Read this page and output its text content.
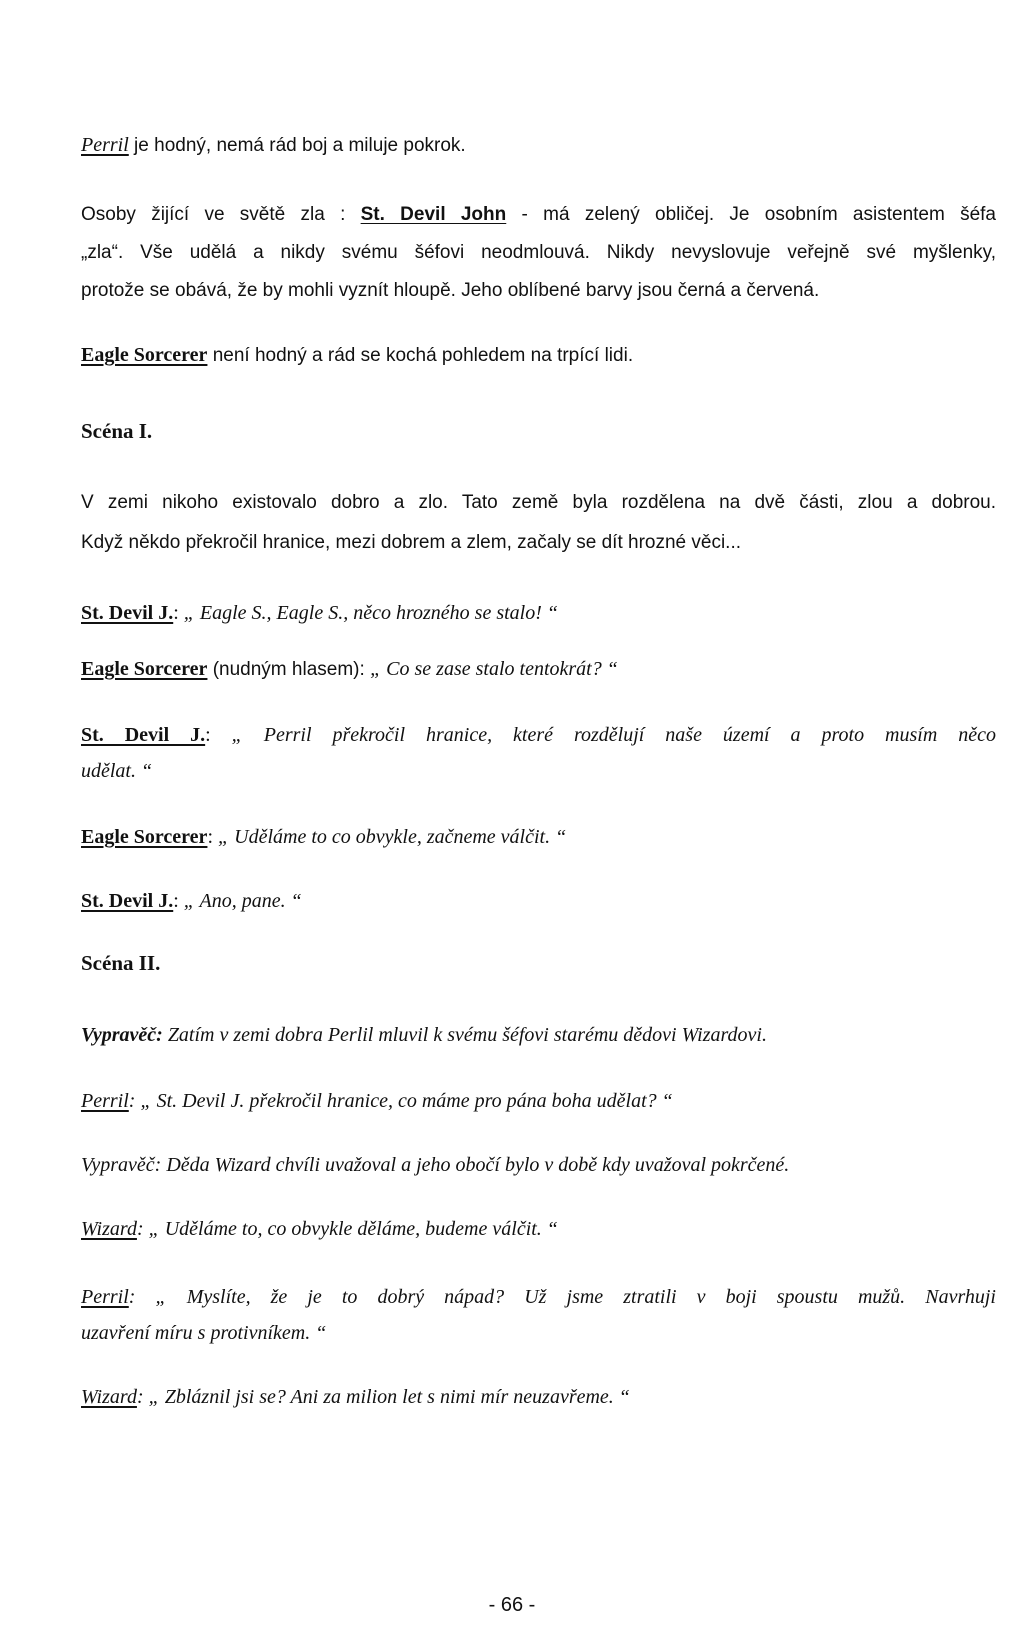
Perril je hodný, nemá rád boj a miluje pokrok.
Osoby žijící ve světě zla : St. Devil John - má zelený obličej. Je osobním asistentem šéfa
„zla“. Vše udělá a nikdy svému šéfovi neodmlouvá. Nikdy nevyslovuje veřejně své myšlenky,
protože se obává, že by mohli vyznít hloupě. Jeho oblíbené barvy jsou černá a červená.
Eagle Sorcerer není hodný a rád se kochá pohledem na trpící lidi.
Scéna I.
V zemi nikoho existovalo dobro a zlo. Tato země byla rozdělena na dvě části, zlou a dobrou.
Když někdo překročil hranice, mezi dobrem a zlem, začaly se dít hrozné věci...
St. Devil J.: „ Eagle S., Eagle S., něco hrozného se stalo! “
Eagle Sorcerer (nudným hlasem): „ Co se zase stalo tentokrát? “
St. Devil J.: „ Perril překročil hranice, které rozdělují naše území a proto musím něco
udělat. “
Eagle Sorcerer: „ Uděláme to co obvykle, začneme válčit. “
St. Devil J.: „ Ano, pane. “
Scéna II.
Vypravěč: Zatím v zemi dobra Perlil mluvil k svému šéfovi starému dědovi Wizardovi.
Perril: „ St. Devil J. překročil hranice, co máme pro pána boha udělat? “
Vypravěč: Děda Wizard chvíli uvažoval a jeho obočí bylo v době kdy uvažoval pokrčené.
Wizard: „ Uděláme to, co obvykle děláme, budeme válčit. “
Perril: „ Myslíte, že je to dobrý nápad? Už jsme ztratili v boji spoustu mužů. Navrhuji
uzavření míru s protivníkem. “
Wizard: „ Zbláznil jsi se? Ani za milion let s nimi mír neuzavřeme. “
- 66 -
